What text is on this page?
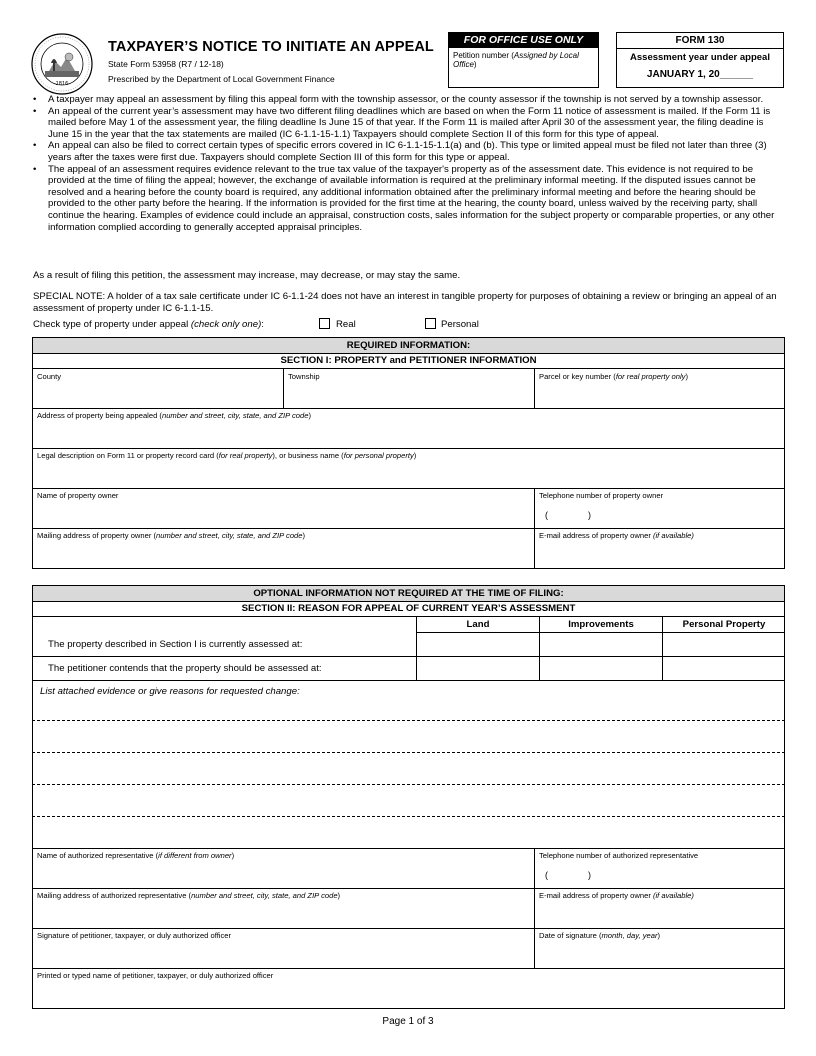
1816
TAXPAYER’S NOTICE TO INITIATE AN APPEAL
State Form 53958 (R7 / 12-18)
Prescribed by the Department of Local Government Finance
FOR OFFICE USE ONLY
Petition number (Assigned by Local Office)
FORM 130
Assessment year under appeal
JANUARY 1, 20______
• A taxpayer may appeal an assessment by filing this appeal form with the township assessor, or the county assessor if the township is not served by a township assessor.
• An appeal of the current year’s assessment may have two different filing deadlines which are based on when the Form 11 notice of assessment is mailed. If the Form 11 is mailed before May 1 of the assessment year, the filing deadline Is June 15 of that year. If the Form 11 is mailed after April 30 of the assessment year, the filing deadine is June 15 in the year that the tax statements are mailed (IC 6-1.1-15-1.1) Taxpayers should complete Section II of this form for this type of appeal.
• An appeal can also be filed to correct certain types of specific errors covered in IC 6-1.1-15-1.1(a) and (b). This type or limited appeal must be filed not later than three (3) years after the taxes were first due. Taxpayers should complete Section III of this form for this type or appeal.
• The appeal of an assessment requires evidence relevant to the true tax value of the taxpayer's property as of the assessment date. This evidence is not required to be provided at the time of filing the appeal; however, the exchange of available information is required at the preliminary informal meeting. If the disputed issues cannot be resolved and a hearing before the county board is required, any additional information obtained after the preliminary informal meeting and before the hearing should be provided to the other party before the hearing. If the information is provided for the first time at the hearing, the county board, unless waived by the receiving party, shall continue the hearing. Examples of evidence could include an appraisal, construction costs, sales information for the subject property or comparable properties, or any other information complied according to generally accepted appraisal principles.
As a result of filing this petition, the assessment may increase, may decrease, or may stay the same.
SPECIAL NOTE: A holder of a tax sale certificate under IC 6-1.1-24 does not have an interest in tangible property for purposes of obtaining a review or bringing an appeal of an assessment of property under IC 6-1.1-15.
Check type of property under appeal (check only one):	Real	Personal
REQUIRED INFORMATION:
SECTION I: PROPERTY and PETITIONER INFORMATION
County	Township	Parcel or key number (for real property only)
Address of property being appealed (number and street, city, state, and ZIP code)
Legal description on Form 11 or property record card (for real property), or business name (for personal property)
Name of property owner	Telephone number of property owner
(                )
Mailing address of property owner (number and street, city, state, and ZIP code)	E-mail address of property owner (if available)
OPTIONAL INFORMATION NOT REQUIRED AT THE TIME OF FILING:
SECTION II: REASON FOR APPEAL OF CURRENT YEAR’S ASSESSMENT
Land	Improvements	Personal Property
The property described in Section I is currently assessed at:
The petitioner contends that the property should be assessed at:
List attached evidence or give reasons for requested change:
Name of authorized representative (if different from owner)	Telephone number of authorized representative
(                )
Mailing address of authorized representative (number and street, city, state, and ZIP code)	E-mail address of property owner (if available)
Signature of petitioner, taxpayer, or duly authorized officer	Date of signature (month, day, year)
Printed or typed name of petitioner, taxpayer, or duly authorized officer
Page 1 of 3
